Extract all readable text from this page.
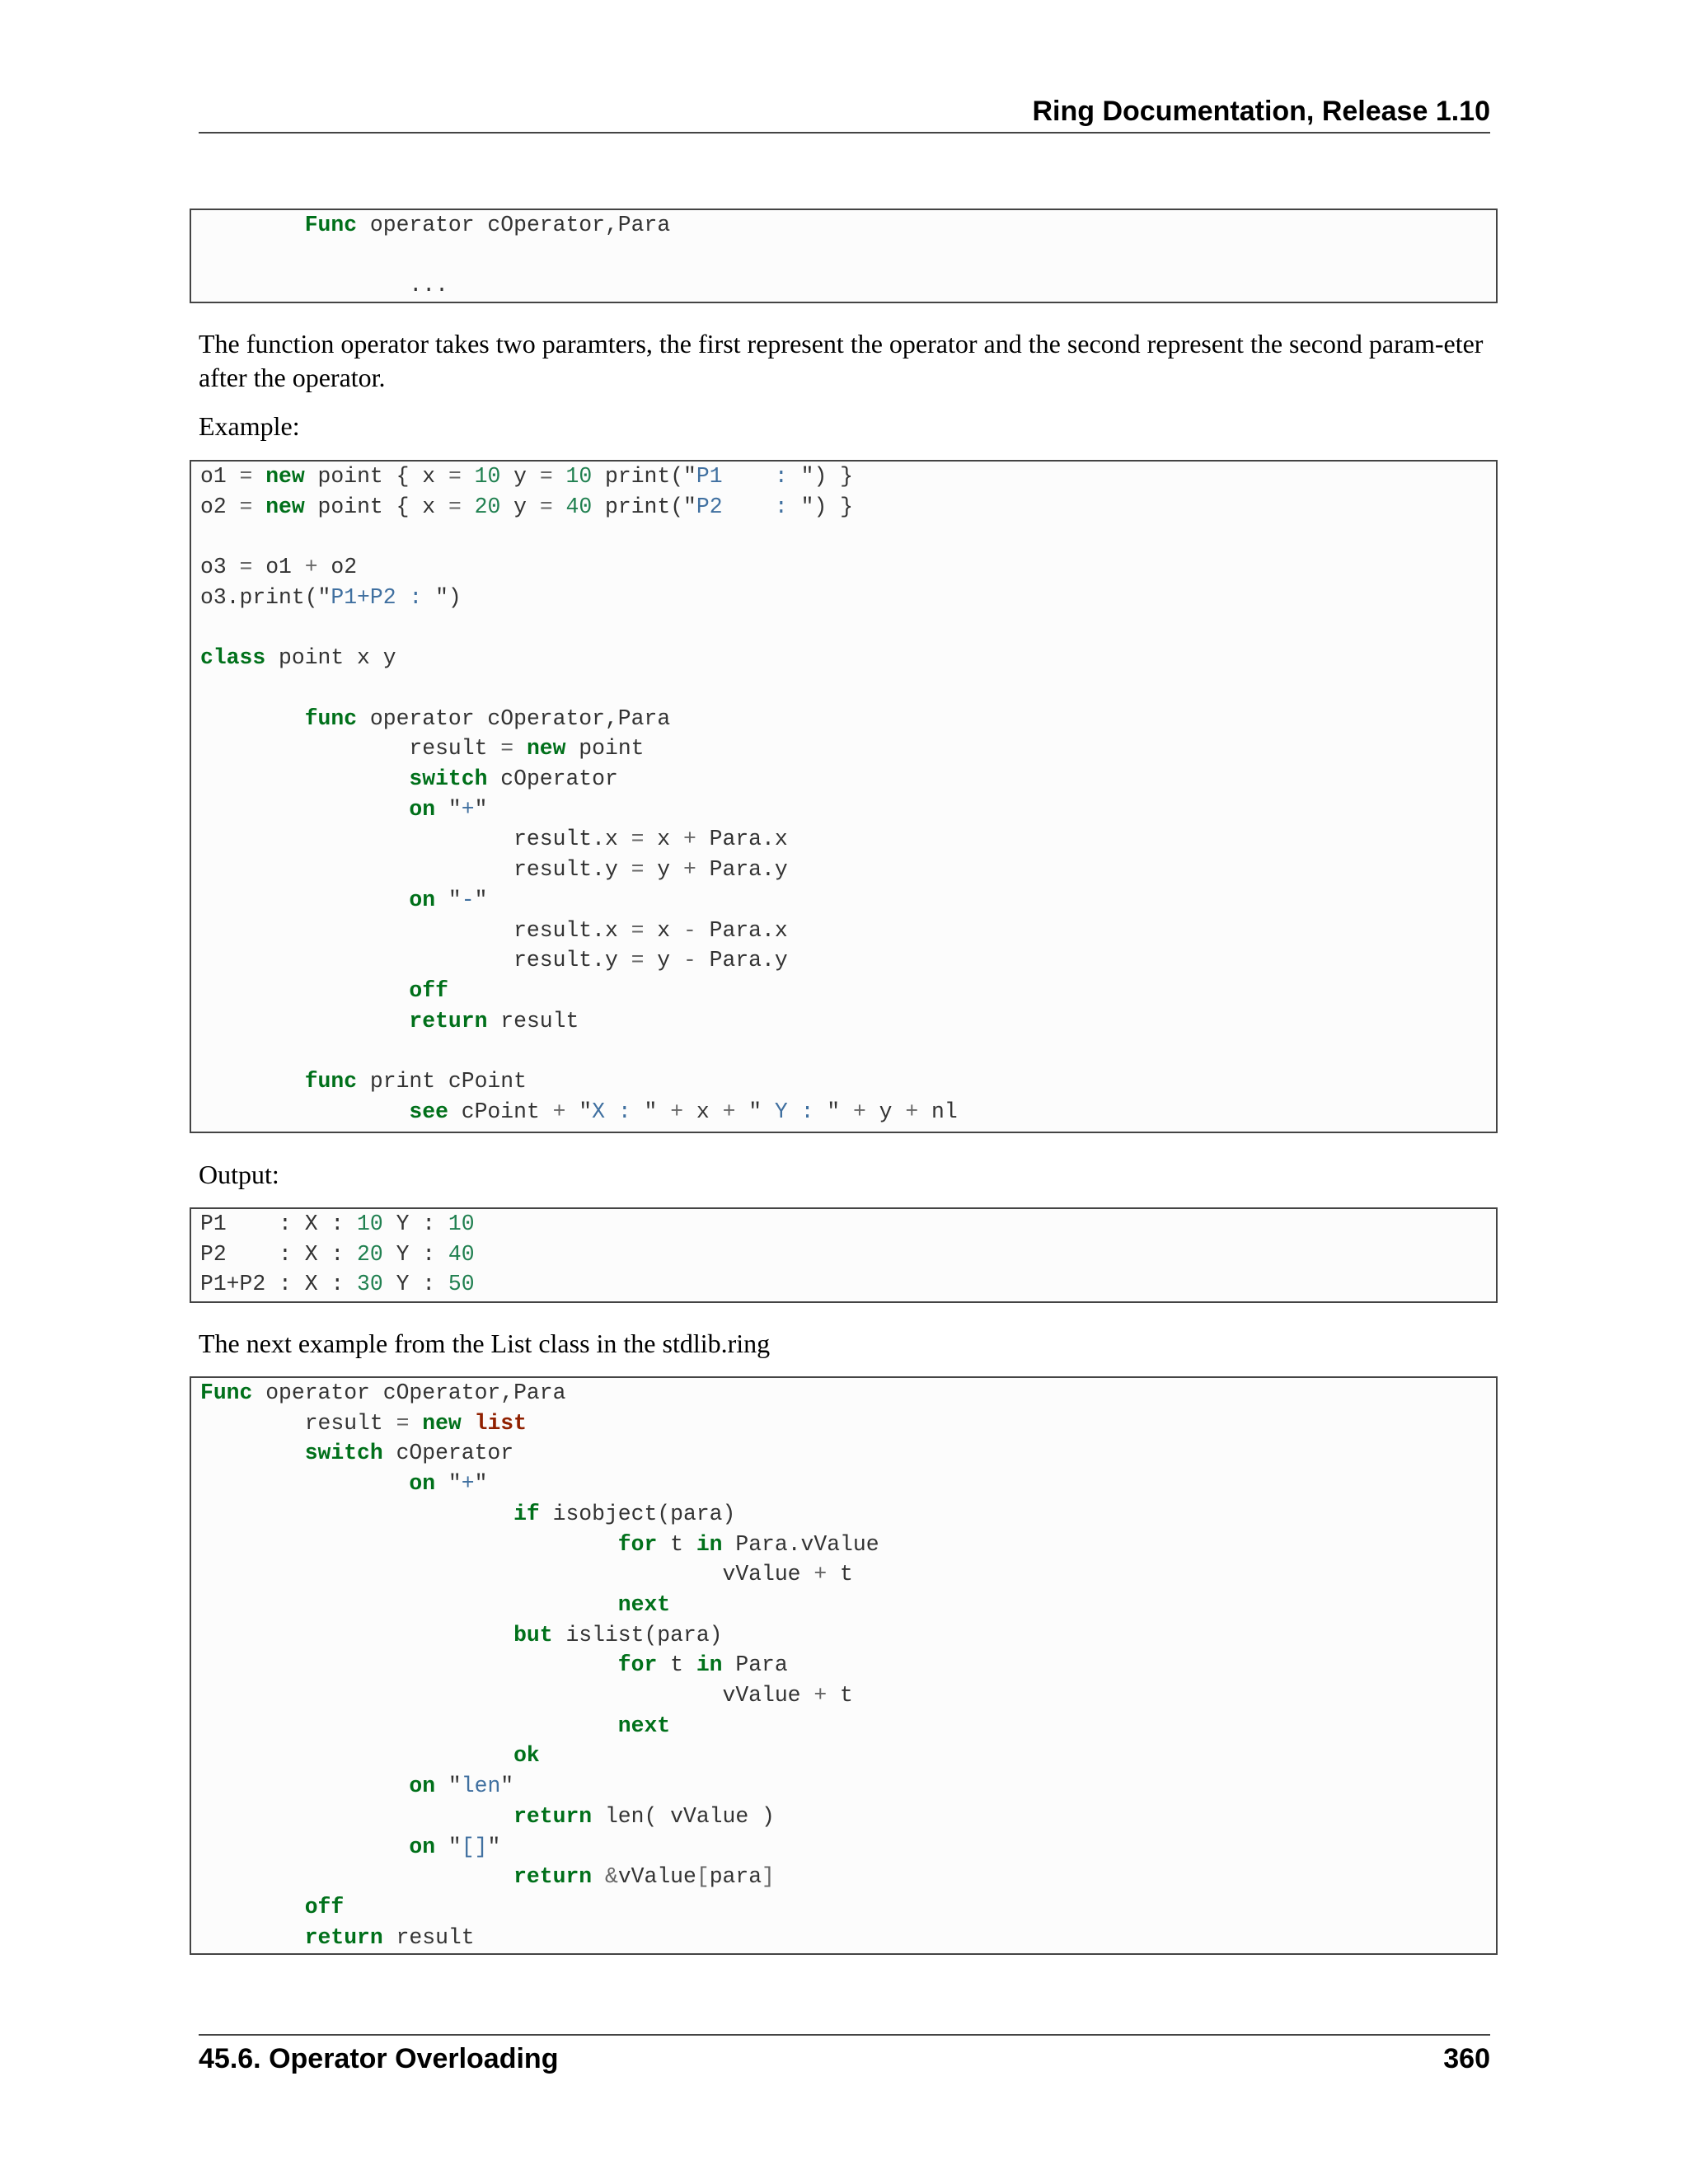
Ring Documentation, Release 1.10
Func operator cOperator,Para

...
The function operator takes two paramters, the first represent the operator and the second represent the second param-eter after the operator.
Example:
o1 = new point { x = 10 y = 10 print("P1    : ") }
o2 = new point { x = 20 y = 40 print("P2    : ") }

o3 = o1 + o2
o3.print("P1+P2 : ")

class point x y

func operator cOperator,Para
result = new point
switch cOperator
on "+"
result.x = x + Para.x
result.y = y + Para.y
on "-"
result.x = x - Para.x
result.y = y - Para.y
off
return result

func print cPoint
see cPoint + "X : " + x + " Y : " + y + nl
Output:
P1    : X : 10 Y : 10
P2    : X : 20 Y : 40
P1+P2 : X : 30 Y : 50
The next example from the List class in the stdlib.ring
Func operator cOperator,Para
result = new list
switch cOperator
on "+"
if isobject(para)
for t in Para.vValue
vValue + t
next
but islist(para)
for t in Para
vValue + t
next
ok
on "len"
return len( vValue )
on "[]"
return &vValue[para]
off
return result
45.6. Operator Overloading	360
